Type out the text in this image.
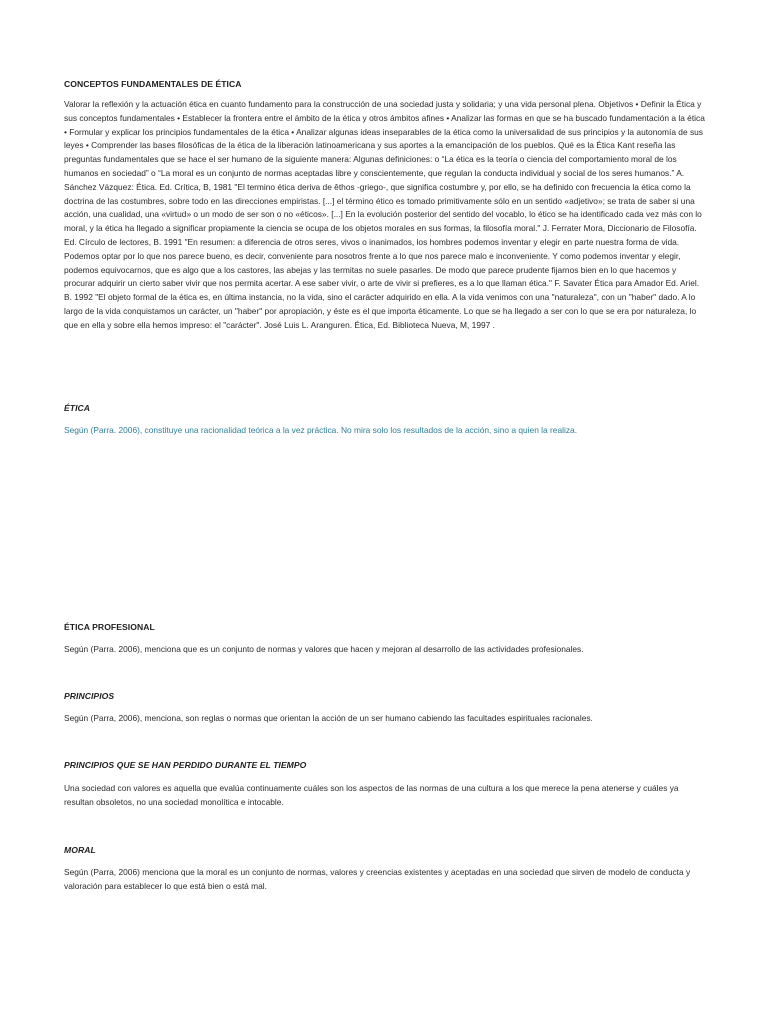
CONCEPTOS FUNDAMENTALES DE ÉTICA

Valorar la reflexión y la actuación ética en cuanto fundamento para la construcción de una sociedad justa y solidaria; y una vida personal plena. Objetivos • Definir la Ética y sus conceptos fundamentales • Establecer la frontera entre el ámbito de la ética y otros ámbitos afines • Analizar las formas en que se ha buscado fundamentación a la ética • Formular y explicar los principios fundamentales de la ética • Analizar algunas ideas inseparables de la ética como la universalidad de sus principios y la autonomía de sus leyes • Comprender las bases filosóficas de la ética de la liberación latinoamericana y sus aportes a la emancipación de los pueblos. Qué es la Ética Kant reseña las preguntas fundamentales que se hace el ser humano de la siguiente manera: Algunas definiciones: o “La ética es la teoría o ciencia del comportamiento moral de los humanos en sociedad” o “La moral es un conjunto de normas aceptadas libre y conscientemente, que regulan la conducta individual y social de los seres humanos.” A. Sánchez Vázquez: Ética. Ed. Crítica, B, 1981 "El termino ética deriva de êthos -griego-, que significa costumbre y, por ello, se ha definido con frecuencia la ética como la doctrina de las costumbres, sobre todo en las direcciones empiristas. [...] el término ético es tomado primitivamente sólo en un sentido «adjetivo»; se trata de saber si una acción, una cualidad, una «virtud» o un modo de ser son o no «éticos». [...] En la evolución posterior del sentido del vocablo, lo ético se ha identificado cada vez más con lo moral, y la ética ha llegado a significar propiamente la ciencia se ocupa de los objetos morales en sus formas, la filosofía moral." J. Ferrater Mora, Diccionario de Filosofía. Ed. Círculo de lectores, B. 1991 "En resumen: a diferencia de otros seres, vivos o inanimados, los hombres podemos inventar y elegir en parte nuestra forma de vida. Podemos optar por lo que nos parece bueno, es decir, conveniente para nosotros frente a lo que nos parece malo e inconveniente. Y como podemos inventar y elegir, podemos equivocarnos, que es algo que a los castores, las abejas y las termitas no suele pasarles. De modo que parece prudente fijarnos bien en lo que hacemos y procurar adquirir un cierto saber vivir que nos permita acertar. A ese saber vivir, o arte de vivir si prefieres, es a lo que llaman ética." F. Savater Ética para Amador Ed. Ariel. B. 1992 "El objeto formal de la ética es, en última instancia, no la vida, sino el carácter adquirido en ella. A la vida venimos con una "naturaleza", con un "haber" dado. A lo largo de la vida conquistamos un carácter, un "haber" por apropiación, y éste es el que importa éticamente. Lo que se ha llegado a ser con lo que se era por naturaleza, lo que en ella y sobre ella hemos impreso: el "carácter". José Luis L. Aranguren. Ética, Ed. Biblioteca Nueva, M, 1997 .

ÉTICA

Según (Parra. 2006), constituye una racionalidad teórica a la vez práctica. No mira solo los resultados de la acción, sino a quien la realiza.

ÉTICA PROFESIONAL

Según (Parra. 2006), menciona que es un conjunto de normas y valores que hacen y mejoran al desarrollo de las actividades profesionales.

PRINCIPIOS

Según (Parra, 2006), menciona, son reglas o normas que orientan la acción de un ser humano cabiendo las facultades espirituales racionales.

PRINCIPIOS QUE SE HAN PERDIDO DURANTE EL TIEMPO

Una sociedad con valores es aquella que evalúa continuamente cuáles son los aspectos de las normas de una cultura a los que merece la pena atenerse y cuáles ya resultan obsoletos, no una sociedad monolítica e intocable.

MORAL

Según (Parra, 2006) menciona que la moral es un conjunto de normas, valores y creencias existentes y aceptadas en una sociedad que sirven de modelo de conducta y valoración para establecer lo que está bien o está mal.
